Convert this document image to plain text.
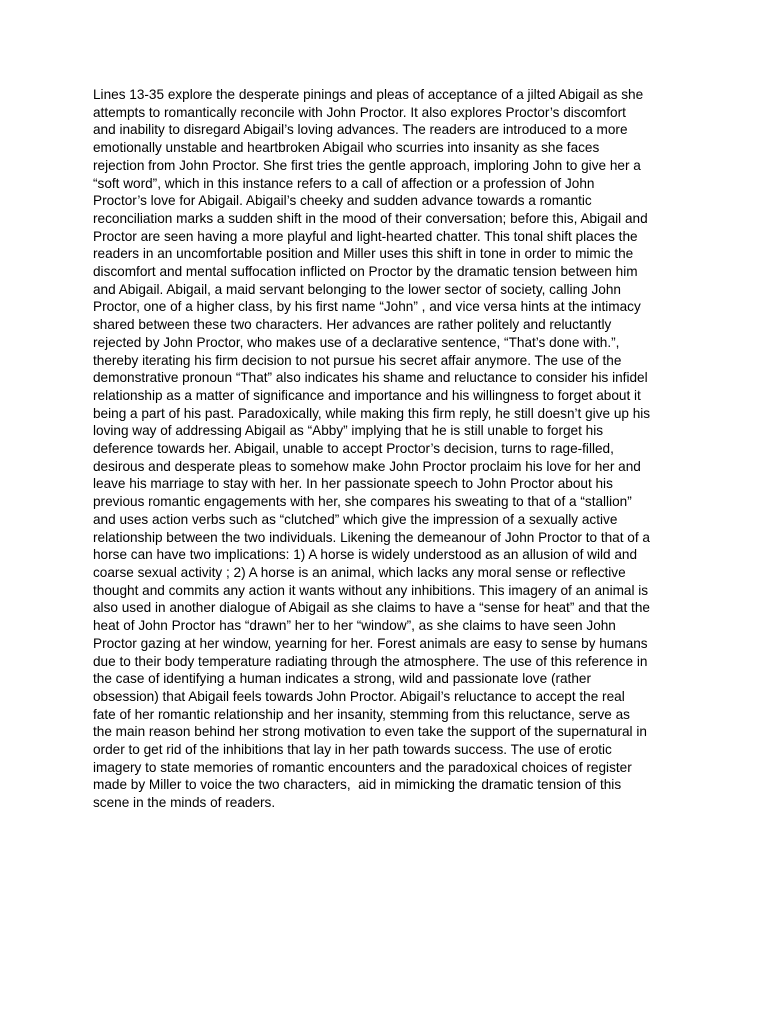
Lines 13-35 explore the desperate pinings and pleas of acceptance of a jilted Abigail as she
attempts to romantically reconcile with John Proctor. It also explores Proctor’s discomfort
and inability to disregard Abigail’s loving advances. The readers are introduced to a more
emotionally unstable and heartbroken Abigail who scurries into insanity as she faces
rejection from John Proctor. She first tries the gentle approach, imploring John to give her a
“soft word”, which in this instance refers to a call of affection or a profession of John
Proctor’s love for Abigail. Abigail’s cheeky and sudden advance towards a romantic
reconciliation marks a sudden shift in the mood of their conversation; before this, Abigail and
Proctor are seen having a more playful and light-hearted chatter. This tonal shift places the
readers in an uncomfortable position and Miller uses this shift in tone in order to mimic the
discomfort and mental suffocation inflicted on Proctor by the dramatic tension between him
and Abigail. Abigail, a maid servant belonging to the lower sector of society, calling John
Proctor, one of a higher class, by his first name “John” , and vice versa hints at the intimacy
shared between these two characters. Her advances are rather politely and reluctantly
rejected by John Proctor, who makes use of a declarative sentence, “That’s done with.”,
thereby iterating his firm decision to not pursue his secret affair anymore. The use of the
demonstrative pronoun “That” also indicates his shame and reluctance to consider his infidel
relationship as a matter of significance and importance and his willingness to forget about it
being a part of his past. Paradoxically, while making this firm reply, he still doesn’t give up his
loving way of addressing Abigail as “Abby” implying that he is still unable to forget his
deference towards her. Abigail, unable to accept Proctor’s decision, turns to rage-filled,
desirous and desperate pleas to somehow make John Proctor proclaim his love for her and
leave his marriage to stay with her. In her passionate speech to John Proctor about his
previous romantic engagements with her, she compares his sweating to that of a “stallion”
and uses action verbs such as “clutched” which give the impression of a sexually active
relationship between the two individuals. Likening the demeanour of John Proctor to that of a
horse can have two implications: 1) A horse is widely understood as an allusion of wild and
coarse sexual activity ; 2) A horse is an animal, which lacks any moral sense or reflective
thought and commits any action it wants without any inhibitions. This imagery of an animal is
also used in another dialogue of Abigail as she claims to have a “sense for heat” and that the
heat of John Proctor has “drawn” her to her “window”, as she claims to have seen John
Proctor gazing at her window, yearning for her. Forest animals are easy to sense by humans
due to their body temperature radiating through the atmosphere. The use of this reference in
the case of identifying a human indicates a strong, wild and passionate love (rather
obsession) that Abigail feels towards John Proctor. Abigail’s reluctance to accept the real
fate of her romantic relationship and her insanity, stemming from this reluctance, serve as
the main reason behind her strong motivation to even take the support of the supernatural in
order to get rid of the inhibitions that lay in her path towards success. The use of erotic
imagery to state memories of romantic encounters and the paradoxical choices of register
made by Miller to voice the two characters,  aid in mimicking the dramatic tension of this
scene in the minds of readers.
